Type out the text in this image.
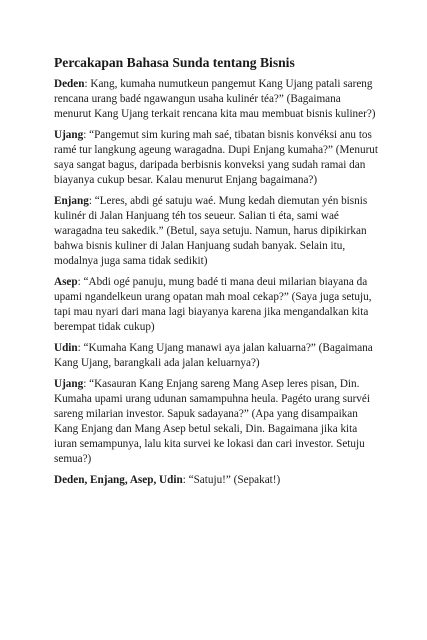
Percakapan Bahasa Sunda tentang Bisnis

Deden: Kang, kumaha numutkeun pangemut Kang Ujang patali sareng rencana urang badé ngawangun usaha kulinér téa?” (Bagaimana menurut Kang Ujang terkait rencana kita mau membuat bisnis kuliner?)

Ujang: “Pangemut sim kuring mah saé, tibatan bisnis konvéksi anu tos ramé tur langkung ageung waragadna. Dupi Enjang kumaha?” (Menurut saya sangat bagus, daripada berbisnis konveksi yang sudah ramai dan biayanya cukup besar. Kalau menurut Enjang bagaimana?)

Enjang: “Leres, abdi gé satuju waé. Mung kedah diemutan yén bisnis kulinér di Jalan Hanjuang téh tos seueur. Salian ti éta, sami waé waragadna teu sakedik.” (Betul, saya setuju. Namun, harus dipikirkan bahwa bisnis kuliner di Jalan Hanjuang sudah banyak. Selain itu, modalnya juga sama tidak sedikit)

Asep: “Abdi ogé panuju, mung badé ti mana deui milarian biayana da upami ngandelkeun urang opatan mah moal cekap?” (Saya juga setuju, tapi mau nyari dari mana lagi biayanya karena jika mengandalkan kita berempat tidak cukup)

Udin: “Kumaha Kang Ujang manawi aya jalan kaluarna?” (Bagaimana Kang Ujang, barangkali ada jalan keluarnya?)

Ujang: “Kasauran Kang Enjang sareng Mang Asep leres pisan, Din. Kumaha upami urang udunan samampuhna heula. Pagéto urang survéi sareng milarian investor. Sapuk sadayana?” (Apa yang disampaikan Kang Enjang dan Mang Asep betul sekali, Din. Bagaimana jika kita iuran semampunya, lalu kita survei ke lokasi dan cari investor. Setuju semua?)

Deden, Enjang, Asep, Udin: “Satuju!” (Sepakat!)
